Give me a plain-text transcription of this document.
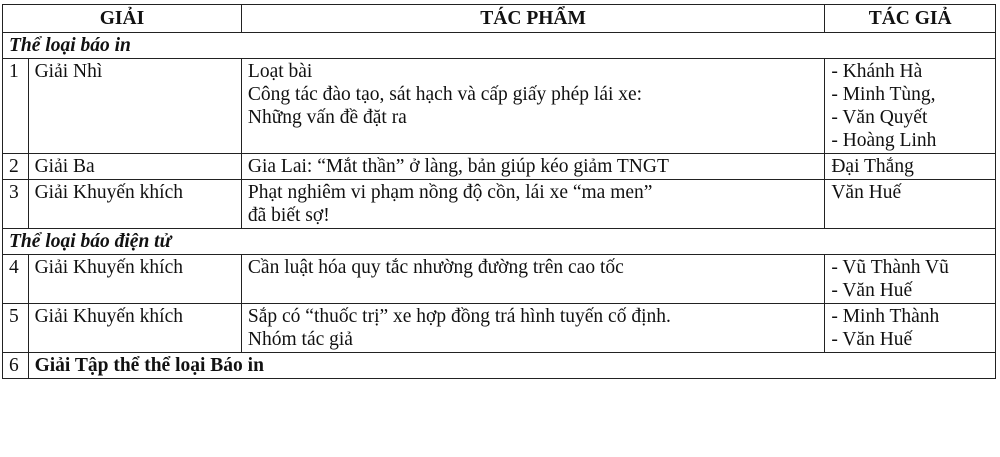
GIẢI		TÁC PHẨM	TÁC GIẢ
Thể loại báo in			
1	Giải Nhì	Loạt bài
Công tác đào tạo, sát hạch và cấp giấy phép lái xe:
Những vấn đề đặt ra	- Khánh Hà
- Minh Tùng,
- Văn Quyết
- Hoàng Linh

2	Giải Ba	Gia Lai: “Mắt thần” ở làng, bản giúp kéo giảm TNGT	Đại Thắng

3	Giải Khuyến khích	Phạt nghiêm vi phạm nồng độ cồn, lái xe “ma men”
đã biết sợ!	Văn Huế

Thể loại báo điện tử			
4	Giải Khuyến khích	Cần luật hóa quy tắc nhường đường trên cao tốc	- Vũ Thành Vũ
- Văn Huế

5	Giải Khuyến khích	Sắp có “thuốc trị” xe hợp đồng trá hình tuyến cố định.
Nhóm tác giả	- Minh Thành
- Văn Huế

6	Giải Tập thể thể loại Báo in		
